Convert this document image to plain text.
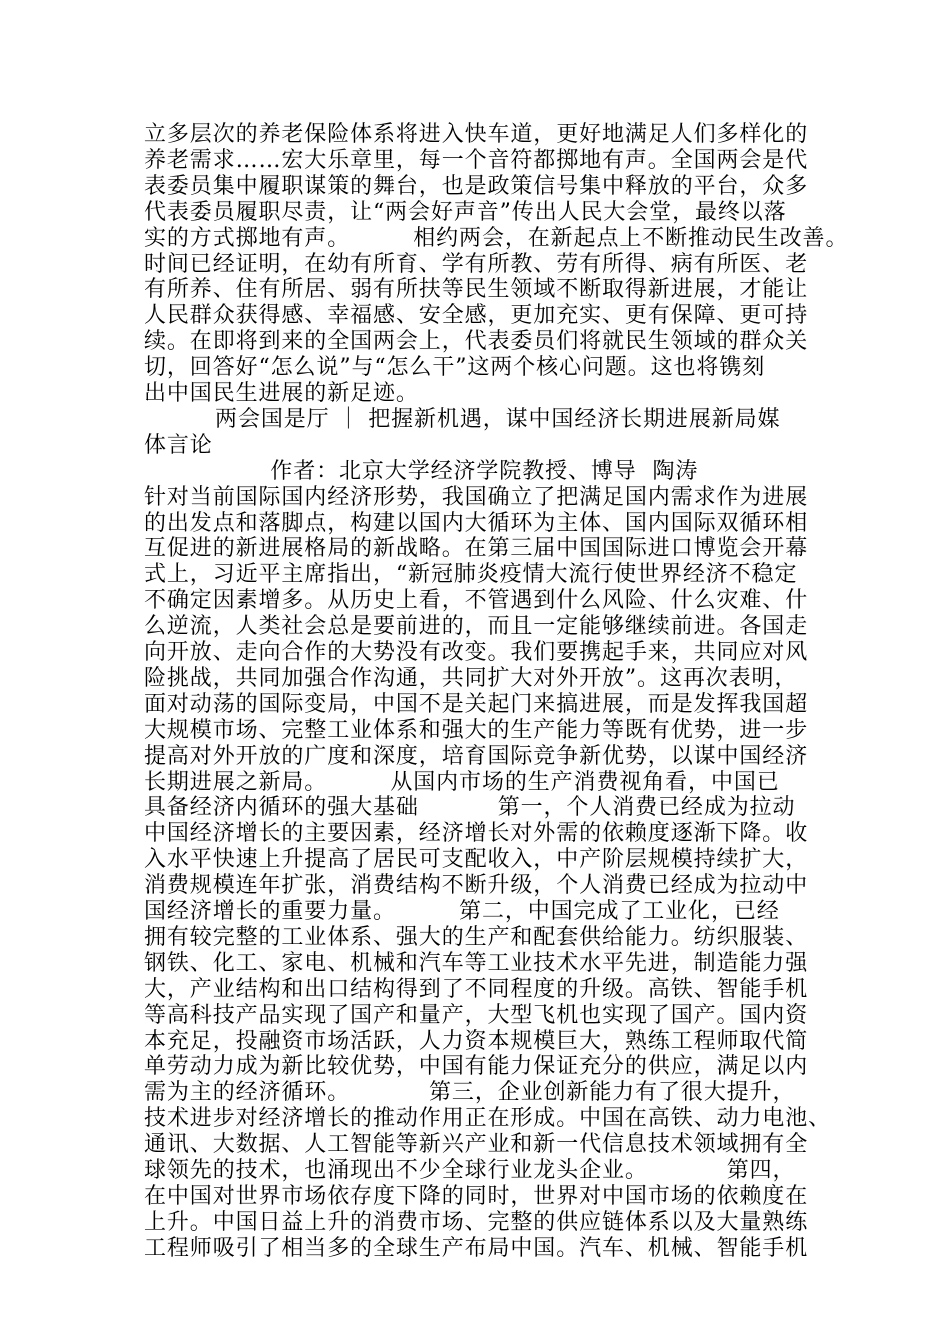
立多层次的养老保险体系将进入快车道，更好地满足人们多样化的
养老需求……宏大乐章里，每一个音符都掷地有声。全国两会是代
表委员集中履职谋策的舞台，也是政策信号集中释放的平台，众多
代表委员履职尽责，让“两会好声音”传出人民大会堂，最终以落
实的方式掷地有声。        相约两会，在新起点上不断推动民生改善。
时间已经证明，在幼有所育、学有所教、劳有所得、病有所医、老
有所养、住有所居、弱有所扶等民生领域不断取得新进展，才能让
人民群众获得感、幸福感、安全感，更加充实、更有保障、更可持
续。在即将到来的全国两会上，代表委员们将就民生领域的群众关
切，回答好“怎么说”与“怎么干”这两个核心问题。这也将镌刻
出中国民生进展的新足迹。
两会国是厅 ｜ 把握新机遇，谋中国经济长期进展新局媒
体言论
作者：北京大学经济学院教授、博导  陶涛
针对当前国际国内经济形势，我国确立了把满足国内需求作为进展
的出发点和落脚点，构建以国内大循环为主体、国内国际双循环相
互促进的新进展格局的新战略。在第三届中国国际进口博览会开幕
式上，习近平主席指出，“新冠肺炎疫情大流行使世界经济不稳定
不确定因素增多。从历史上看，不管遇到什么风险、什么灾难、什
么逆流，人类社会总是要前进的，而且一定能够继续前进。各国走
向开放、走向合作的大势没有改变。我们要携起手来，共同应对风
险挑战，共同加强合作沟通，共同扩大对外开放”。这再次表明，
面对动荡的国际变局，中国不是关起门来搞进展，而是发挥我国超
大规模市场、完整工业体系和强大的生产能力等既有优势，进一步
提高对外开放的广度和深度，培育国际竞争新优势，以谋中国经济
长期进展之新局。        从国内市场的生产消费视角看，中国已
具备经济内循环的强大基础          第一，个人消费已经成为拉动
中国经济增长的主要因素，经济增长对外需的依赖度逐渐下降。收
入水平快速上升提高了居民可支配收入，中产阶层规模持续扩大，
消费规模连年扩张，消费结构不断升级，个人消费已经成为拉动中
国经济增长的重要力量。        第二，中国完成了工业化，已经
拥有较完整的工业体系、强大的生产和配套供给能力。纺织服装、
钢铁、化工、家电、机械和汽车等工业技术水平先进，制造能力强
大，产业结构和出口结构得到了不同程度的升级。高铁、智能手机
等高科技产品实现了国产和量产，大型飞机也实现了国产。国内资
本充足，投融资市场活跃，人力资本规模巨大，熟练工程师取代简
单劳动力成为新比较优势，中国有能力保证充分的供应，满足以内
需为主的经济循环。          第三，企业创新能力有了很大提升，
技术进步对经济增长的推动作用正在形成。中国在高铁、动力电池、
通讯、大数据、人工智能等新兴产业和新一代信息技术领域拥有全
球领先的技术，也涌现出不少全球行业龙头企业。          第四，
在中国对世界市场依存度下降的同时，世界对中国市场的依赖度在
上升。中国日益上升的消费市场、完整的供应链体系以及大量熟练
工程师吸引了相当多的全球生产布局中国。汽车、机械、智能手机
